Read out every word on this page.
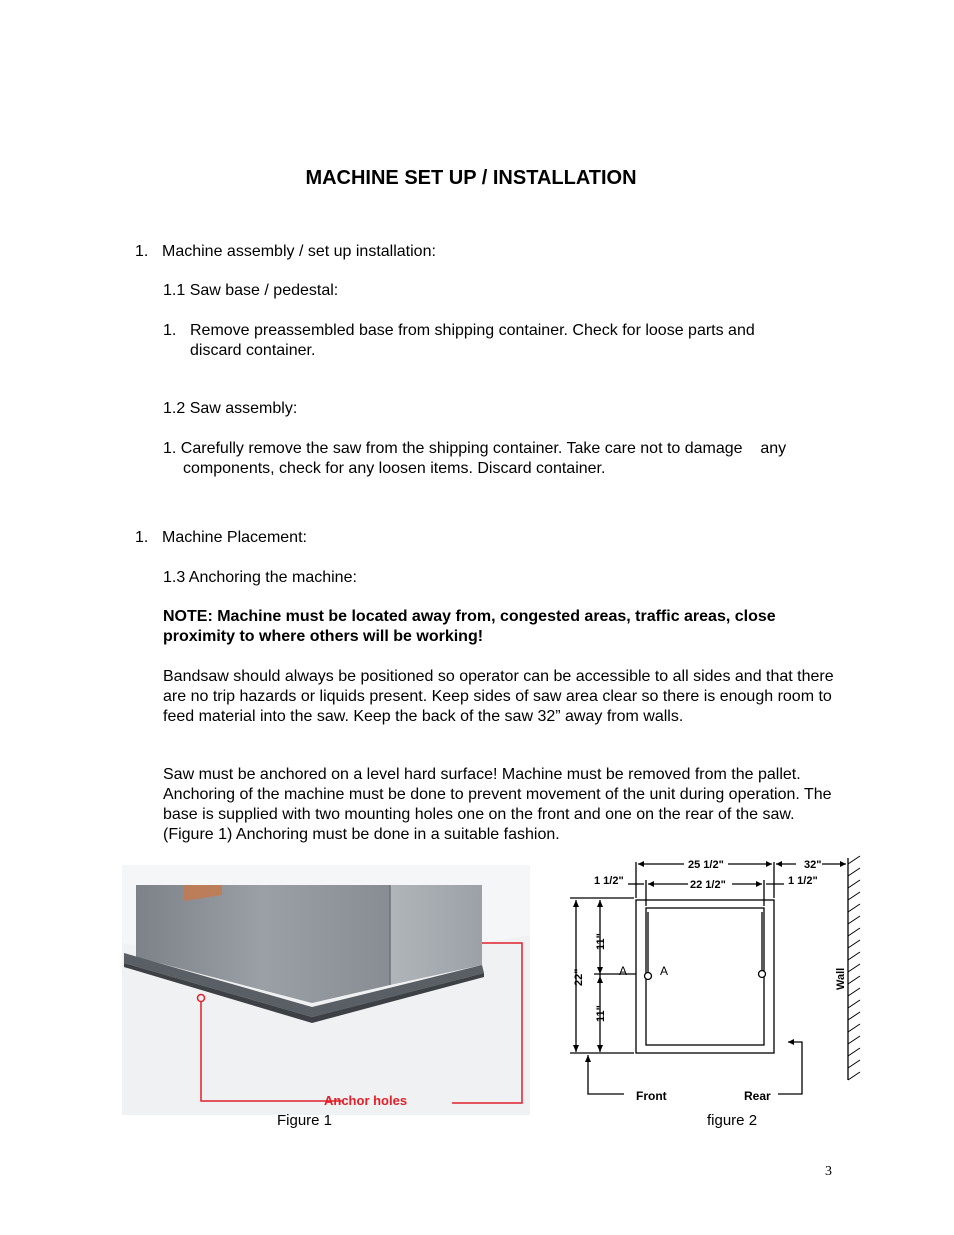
MACHINE SET UP / INSTALLATION
1. Machine assembly / set up installation:
1.1 Saw base / pedestal:
1. Remove preassembled base from shipping container. Check for loose parts and
discard container.
1.2 Saw assembly:
1. Carefully remove the saw from the shipping container. Take care not to damage    any
components, check for any loosen items. Discard container.
1. Machine Placement:
1.3 Anchoring the machine:
NOTE: Machine must be located away from, congested areas, traffic areas, close proximity to where others will be working!
Bandsaw should always be positioned so operator can be accessible to all sides and that there are no trip hazards or liquids present. Keep sides of saw area clear so there is enough room to feed material into the saw. Keep the back of the saw 32” away from walls.
Saw must be anchored on a level hard surface! Machine must be removed from the pallet. Anchoring of the machine must be done to prevent movement of the unit during operation. The base is supplied with two mounting holes one on the front and one on the rear of the saw. (Figure 1) Anchoring must be done in a suitable fashion.
Anchor holes
Figure 1
25 1/2"
22 1/2"
1 1/2"	1 1/2"
32"
22"
11"
11"
A	A	Wall
Front	Rear
figure 2
3
